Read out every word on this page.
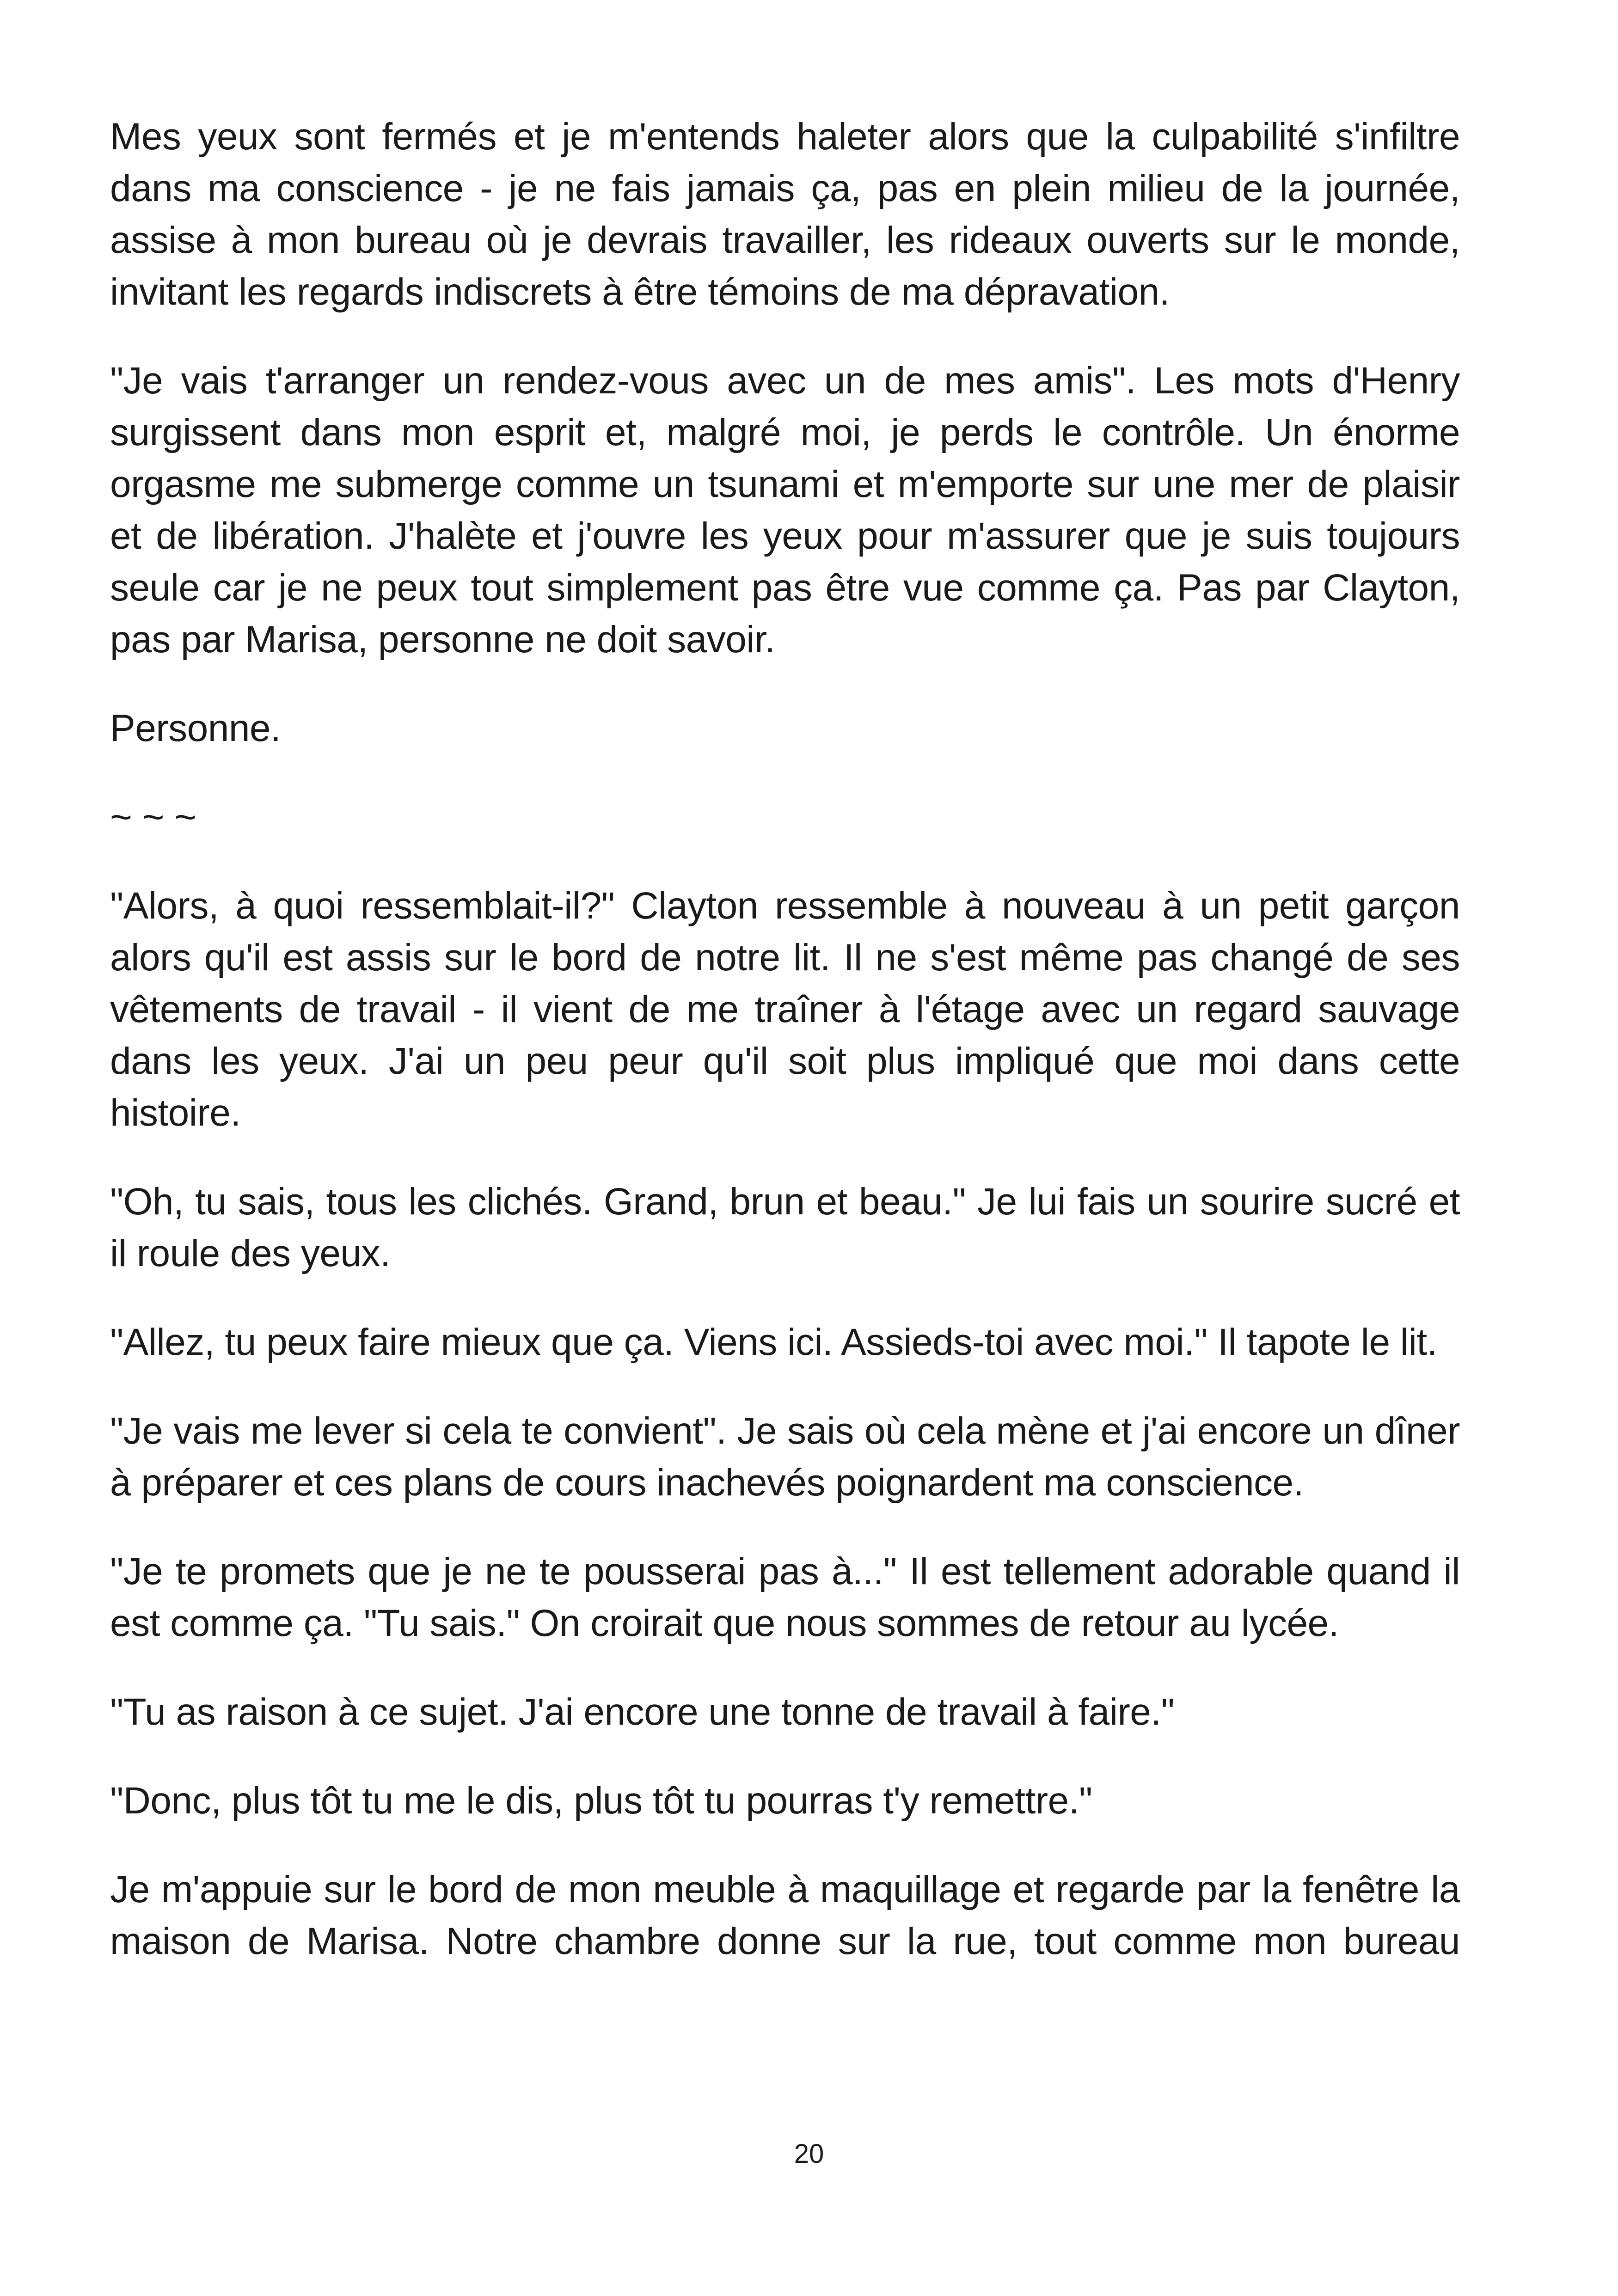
Mes yeux sont fermés et je m'entends haleter alors que la culpabilité s'infiltre dans ma conscience - je ne fais jamais ça, pas en plein milieu de la journée, assise à mon bureau où je devrais travailler, les rideaux ouverts sur le monde, invitant les regards indiscrets à être témoins de ma dépravation.

"Je vais t'arranger un rendez-vous avec un de mes amis". Les mots d'Henry surgissent dans mon esprit et, malgré moi, je perds le contrôle. Un énorme orgasme me submerge comme un tsunami et m'emporte sur une mer de plaisir et de libération. J'halète et j'ouvre les yeux pour m'assurer que je suis toujours seule car je ne peux tout simplement pas être vue comme ça. Pas par Clayton, pas par Marisa, personne ne doit savoir.

Personne.

~ ~ ~

"Alors, à quoi ressemblait-il?" Clayton ressemble à nouveau à un petit garçon alors qu'il est assis sur le bord de notre lit. Il ne s'est même pas changé de ses vêtements de travail - il vient de me traîner à l'étage avec un regard sauvage dans les yeux. J'ai un peu peur qu'il soit plus impliqué que moi dans cette histoire.

"Oh, tu sais, tous les clichés. Grand, brun et beau." Je lui fais un sourire sucré et il roule des yeux.

"Allez, tu peux faire mieux que ça. Viens ici. Assieds-toi avec moi." Il tapote le lit.

"Je vais me lever si cela te convient". Je sais où cela mène et j'ai encore un dîner à préparer et ces plans de cours inachevés poignardent ma conscience.

"Je te promets que je ne te pousserai pas à..." Il est tellement adorable quand il est comme ça. "Tu sais." On croirait que nous sommes de retour au lycée.

"Tu as raison à ce sujet. J'ai encore une tonne de travail à faire."

"Donc, plus tôt tu me le dis, plus tôt tu pourras t'y remettre."

Je m'appuie sur le bord de mon meuble à maquillage et regarde par la fenêtre la maison de Marisa. Notre chambre donne sur la rue, tout comme mon bureau

20
